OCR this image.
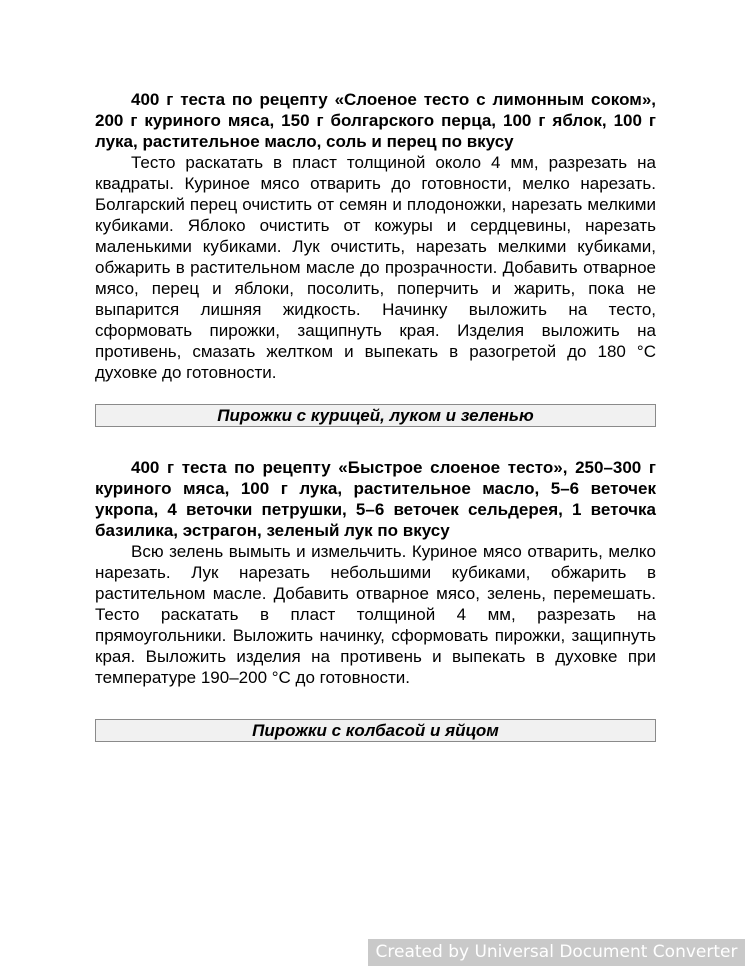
400 г теста по рецепту «Слоеное тесто с лимонным соком», 200 г куриного мяса, 150 г болгарского перца, 100 г яблок, 100 г лука, растительное масло, соль и перец по вкусу

Тесто раскатать в пласт толщиной около 4 мм, разрезать на квадраты. Куриное мясо отварить до готовности, мелко нарезать. Болгарский перец очистить от семян и плодоножки, нарезать мелкими кубиками. Яблоко очистить от кожуры и сердцевины, нарезать маленькими кубиками. Лук очистить, нарезать мелкими кубиками, обжарить в растительном масле до прозрачности. Добавить отварное мясо, перец и яблоки, посолить, поперчить и жарить, пока не выпарится лишняя жидкость. Начинку выложить на тесто, сформовать пирожки, защипнуть края. Изделия выложить на противень, смазать желтком и выпекать в разогретой до 180 °С духовке до готовности.

Пирожки с курицей, луком и зеленью

400 г теста по рецепту «Быстрое слоеное тесто», 250–300 г куриного мяса, 100 г лука, растительное масло, 5–6 веточек укропа, 4 веточки петрушки, 5–6 веточек сельдерея, 1 веточка базилика, эстрагон, зеленый лук по вкусу

Всю зелень вымыть и измельчить. Куриное мясо отварить, мелко нарезать. Лук нарезать небольшими кубиками, обжарить в растительном масле. Добавить отварное мясо, зелень, перемешать. Тесто раскатать в пласт толщиной 4 мм, разрезать на прямоугольники. Выложить начинку, сформовать пирожки, защипнуть края. Выложить изделия на противень и выпекать в духовке при температуре 190–200 °С до готовности.

Пирожки с колбасой и яйцом
Created by Universal Document Converter
